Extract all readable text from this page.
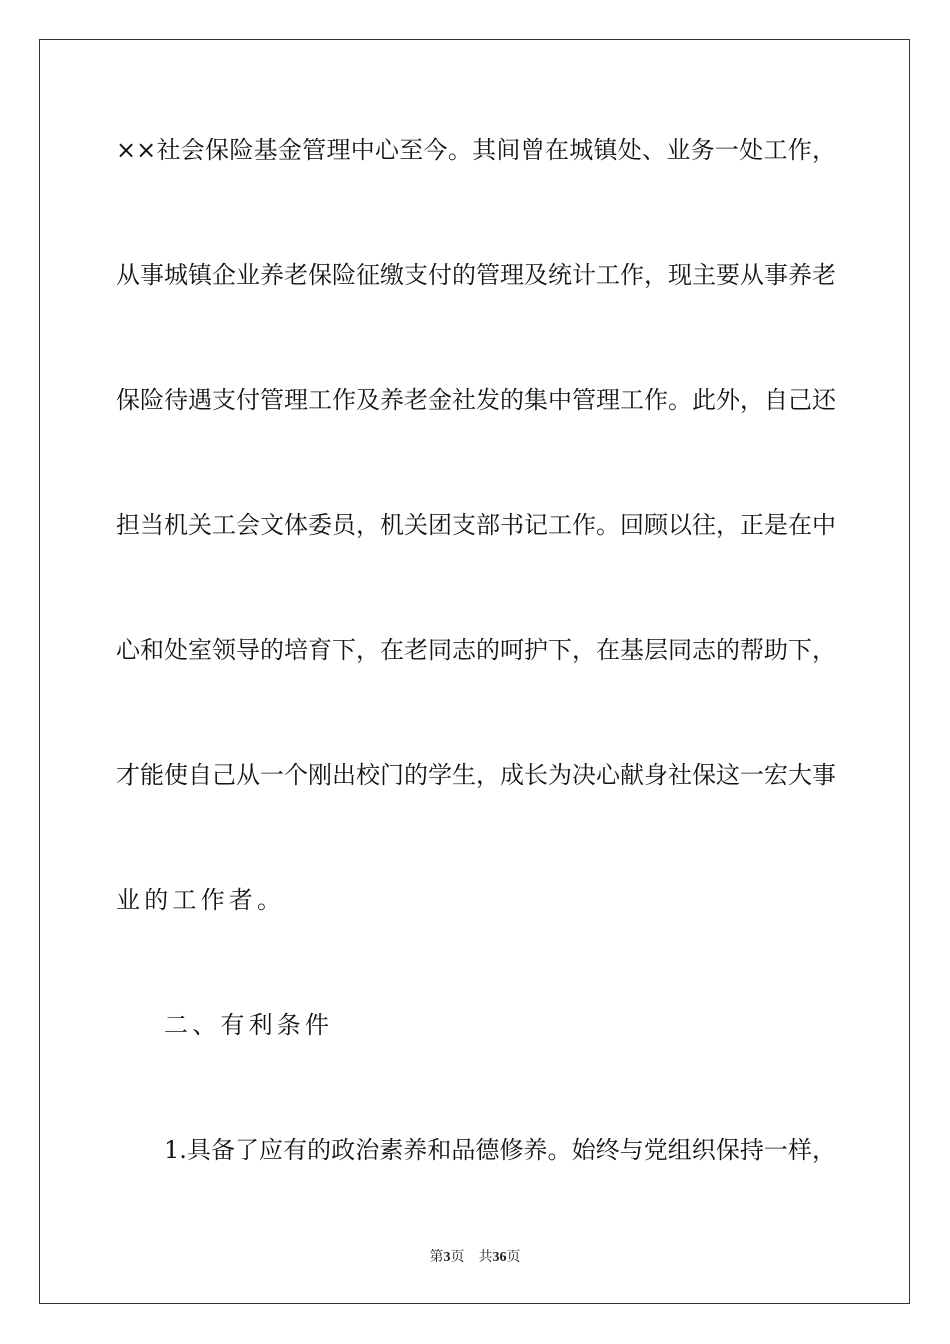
××社会保险基金管理中心至今。其间曾在城镇处、业务一处工作，
从事城镇企业养老保险征缴支付的管理及统计工作，现主要从事养老
保险待遇支付管理工作及养老金社发的集中管理工作。此外，自己还
担当机关工会文体委员，机关团支部书记工作。回顾以往，正是在中
心和处室领导的培育下，在老同志的呵护下，在基层同志的帮助下，
才能使自己从一个刚出校门的学生，成长为决心献身社保这一宏大事
业的工作者。
二、有利条件
1.具备了应有的政治素养和品德修养。始终与党组织保持一样，
第3页 共36页
